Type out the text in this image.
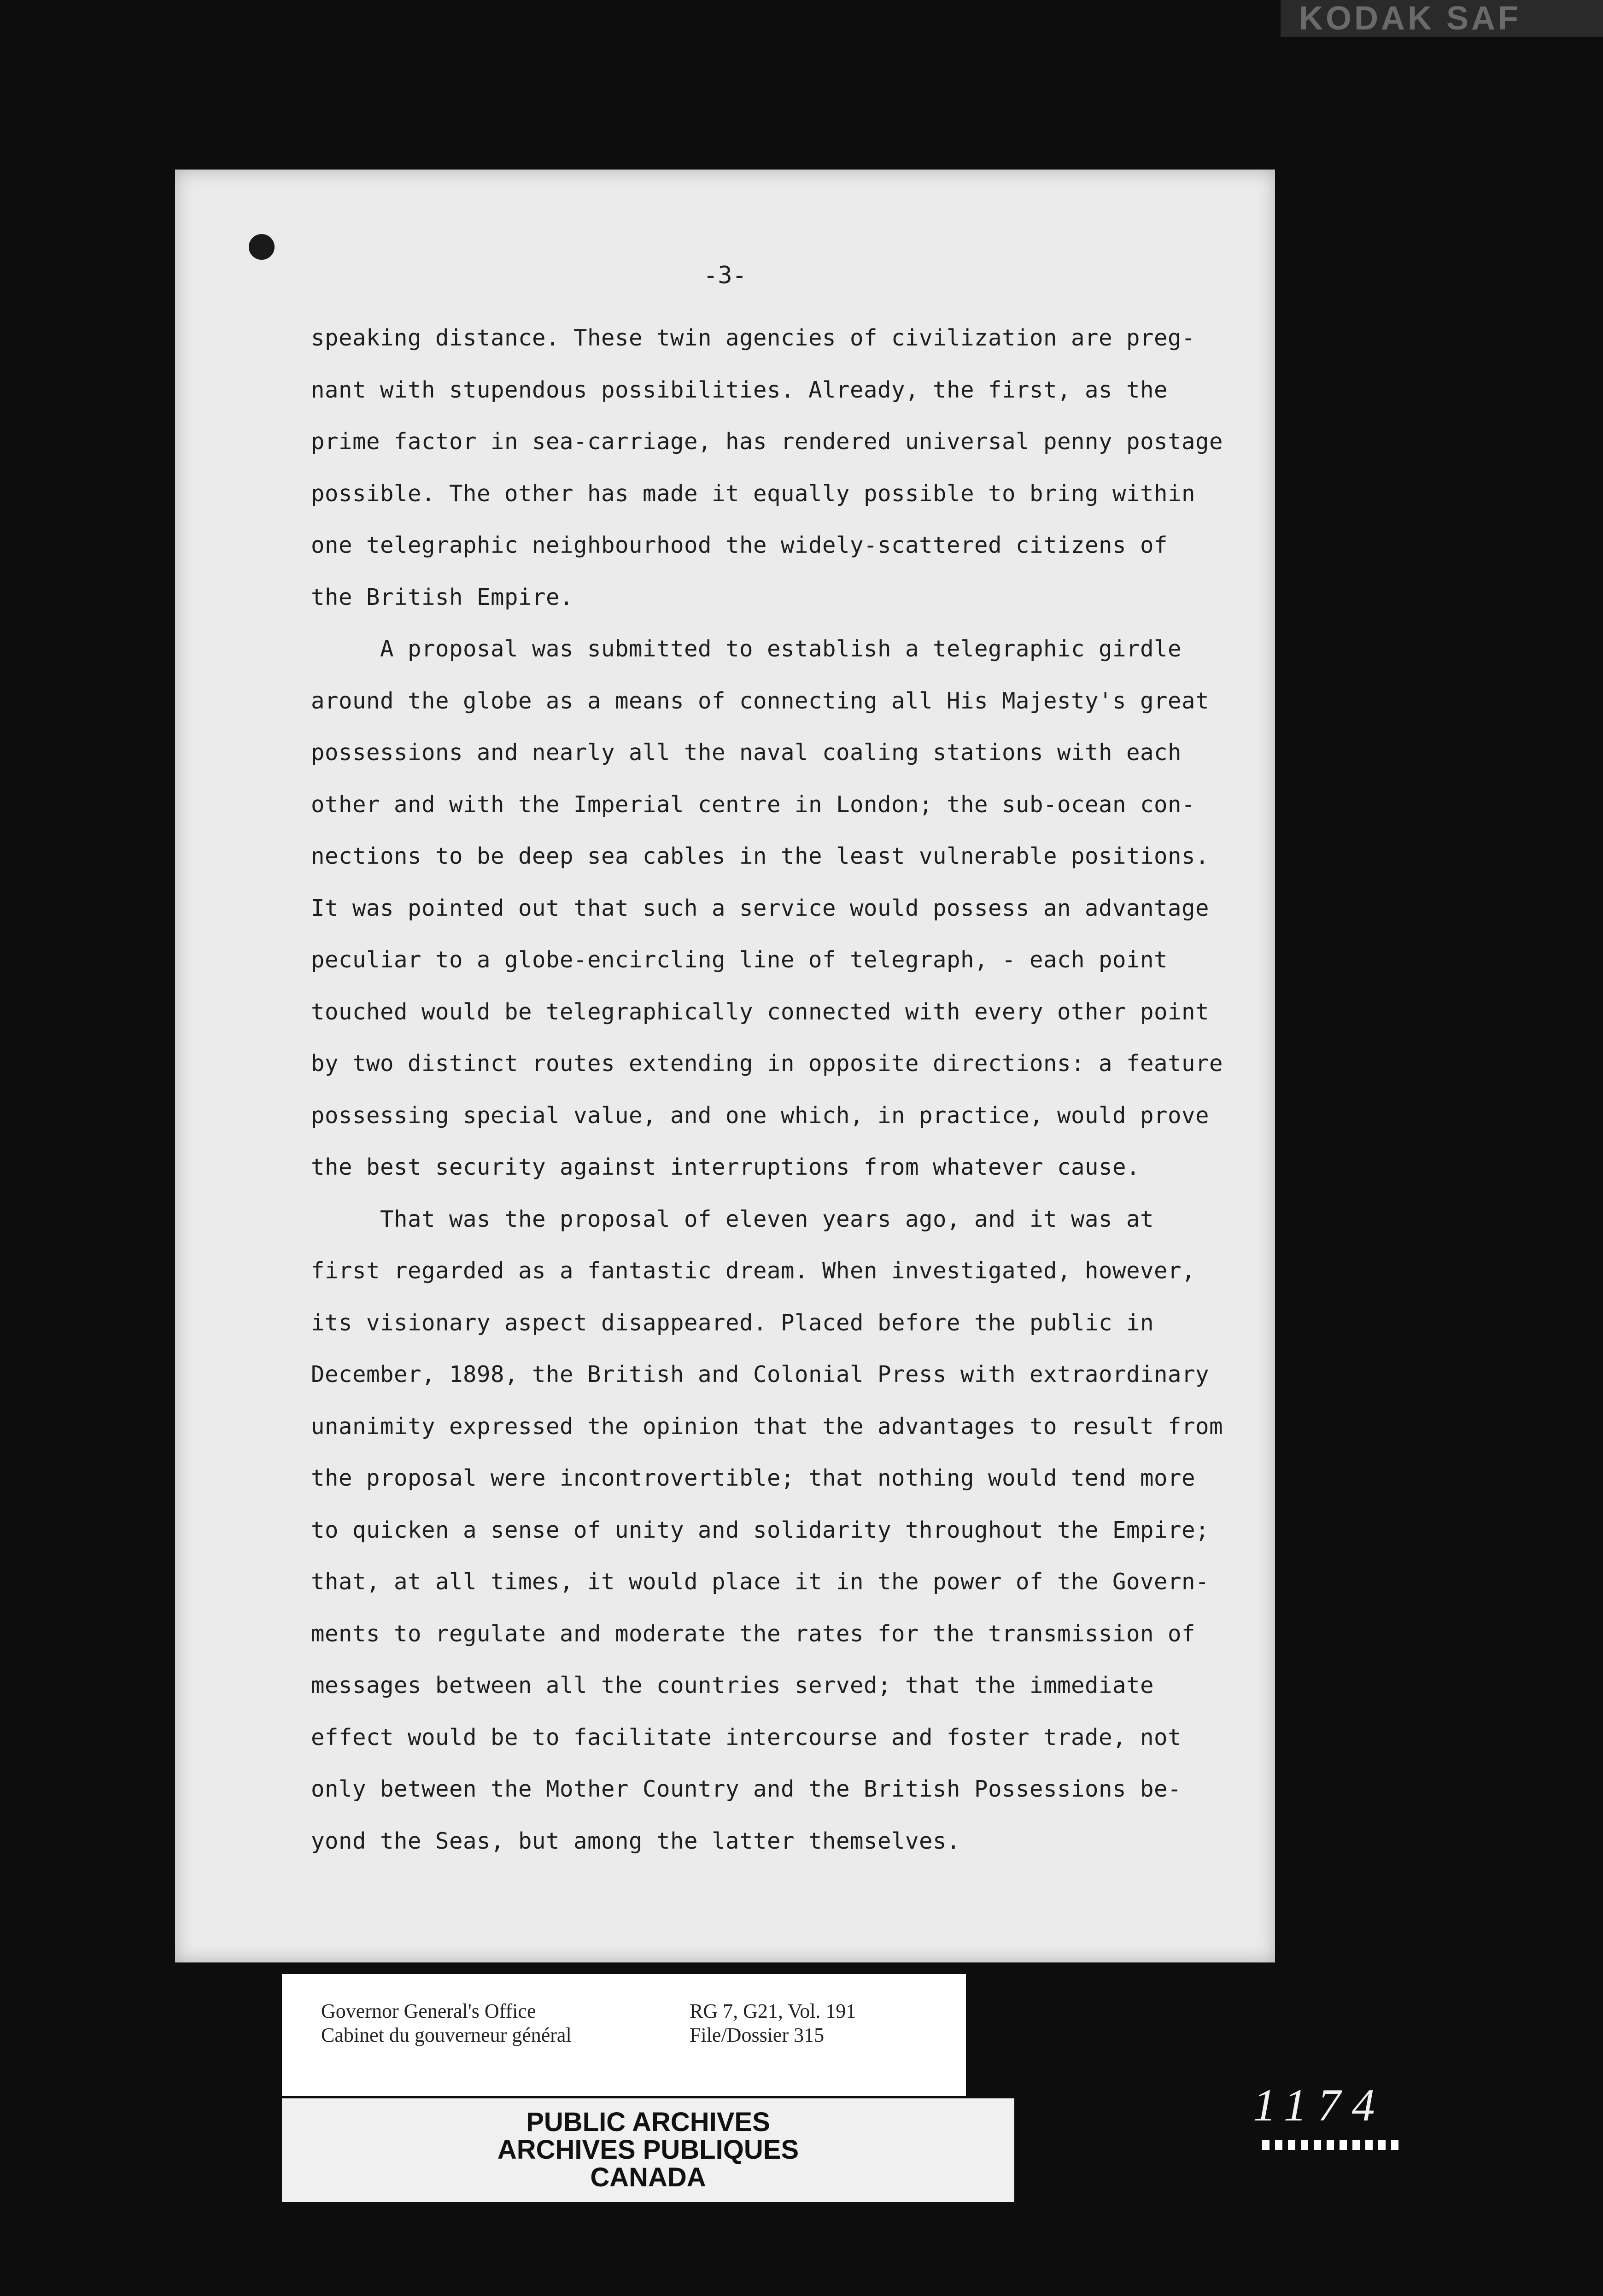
KODAK SAF
-3-
speaking distance. These twin agencies of civilization are preg-
nant with stupendous possibilities. Already, the first, as the
prime factor in sea-carriage, has rendered universal penny postage
possible. The other has made it equally possible to bring within
one telegraphic neighbourhood the widely-scattered citizens of
the British Empire.
A proposal was submitted to establish a telegraphic girdle
around the globe as a means of connecting all His Majesty's great
possessions and nearly all the naval coaling stations with each
other and with the Imperial centre in London; the sub-ocean con-
nections to be deep sea cables in the least vulnerable positions.
It was pointed out that such a service would possess an advantage
peculiar to a globe-encircling line of telegraph, - each point
touched would be telegraphically connected with every other point
by two distinct routes extending in opposite directions: a feature
possessing special value, and one which, in practice, would prove
the best security against interruptions from whatever cause.
That was the proposal of eleven years ago, and it was at
first regarded as a fantastic dream. When investigated, however,
its visionary aspect disappeared. Placed before the public in
December, 1898, the British and Colonial Press with extraordinary
unanimity expressed the opinion that the advantages to result from
the proposal were incontrovertible; that nothing would tend more
to quicken a sense of unity and solidarity throughout the Empire;
that, at all times, it would place it in the power of the Govern-
ments to regulate and moderate the rates for the transmission of
messages between all the countries served; that the immediate
effect would be to facilitate intercourse and foster trade, not
only between the Mother Country and the British Possessions be-
yond the Seas, but among the latter themselves.
Governor General's Office
Cabinet du gouverneur général
RG 7, G21, Vol. 191
File/Dossier 315
PUBLIC ARCHIVES
ARCHIVES PUBLIQUES
CANADA
1174
